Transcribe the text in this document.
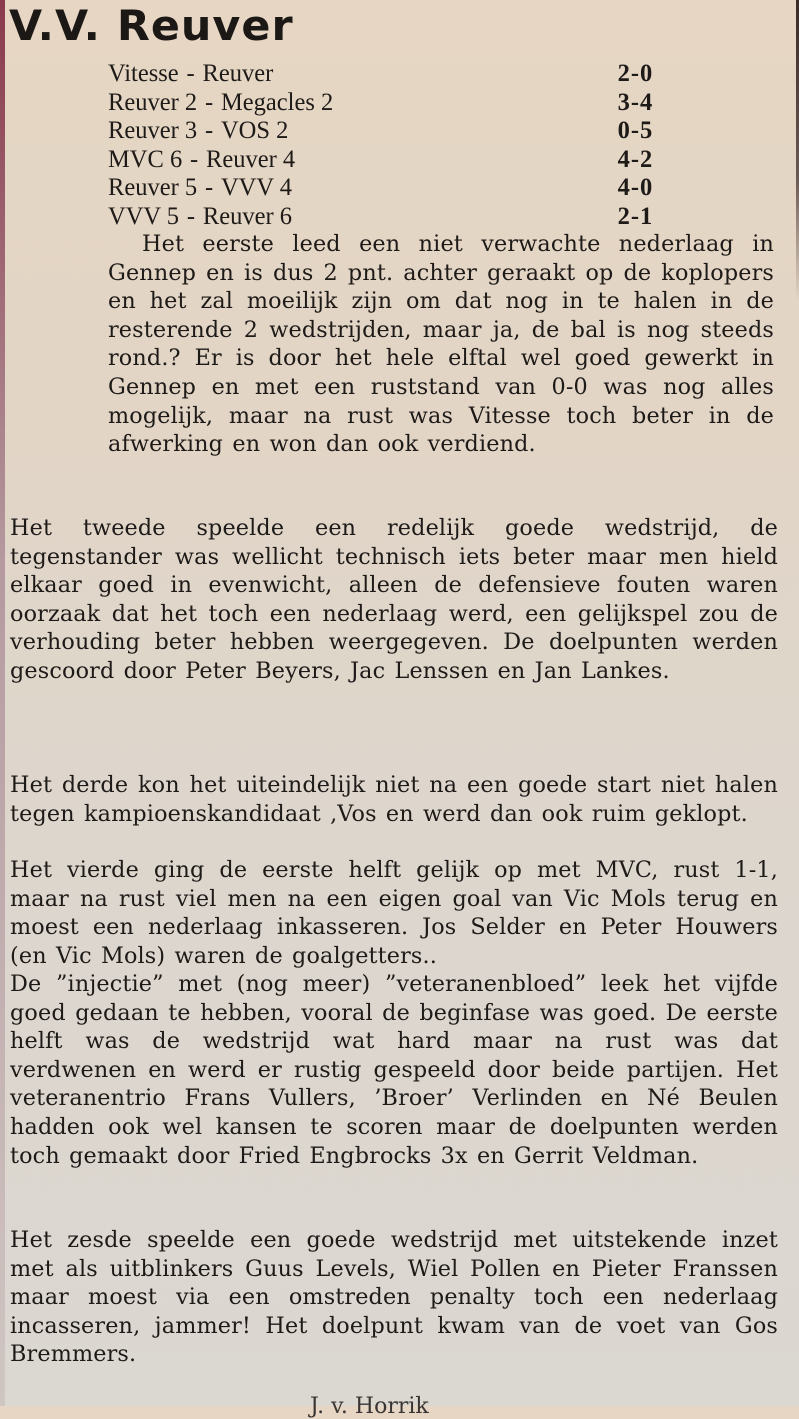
V.V. Reuver
Vitesse - Reuver	2-0
Reuver 2 - Megacles 2	3-4
Reuver 3 - VOS 2	0-5
MVC 6 - Reuver 4	4-2
Reuver 5 - VVV 4	4-0
VVV 5 - Reuver 6	2-1

Het eerste leed een niet verwachte nederlaag in Gennep en is dus 2 pnt. achter geraakt op de koplopers en het zal moeilijk zijn om dat nog in te halen in de resterende 2 wedstrijden, maar ja, de bal is nog steeds rond.? Er is door het hele elftal wel goed gewerkt in Gennep en met een ruststand van 0-0 was nog alles mogelijk, maar na rust was Vitesse toch beter in de afwerking en won dan ook verdiend.

Het tweede speelde een redelijk goede wedstrijd, de tegenstander was wellicht technisch iets beter maar men hield elkaar goed in evenwicht, alleen de defensieve fouten waren oorzaak dat het toch een nederlaag werd, een gelijkspel zou de verhouding beter hebben weergegeven. De doelpunten werden gescoord door Peter Beyers, Jac Lenssen en Jan Lankes.

Het derde kon het uiteindelijk niet na een goede start niet halen tegen kampioenskandidaat ,Vos en werd dan ook ruim geklopt.

Het vierde ging de eerste helft gelijk op met MVC, rust 1-1, maar na rust viel men na een eigen goal van Vic Mols terug en moest een nederlaag inkasseren. Jos Selder en Peter Houwers (en Vic Mols) waren de goalgetters..

De ”injectie” met (nog meer) ”veteranenbloed” leek het vijfde goed gedaan te hebben, vooral de beginfase was goed. De eerste helft was de wedstrijd wat hard maar na rust was dat verdwenen en werd er rustig gespeeld door beide partijen. Het veteranentrio Frans Vullers, ’Broer’ Verlinden en Né Beulen hadden ook wel kansen te scoren maar de doelpunten werden toch gemaakt door Fried Engbrocks 3x en Gerrit Veldman.

Het zesde speelde een goede wedstrijd met uitstekende inzet met als uitblinkers Guus Levels, Wiel Pollen en Pieter Franssen maar moest via een omstreden penalty toch een nederlaag incasseren, jammer! Het doelpunt kwam van de voet van Gos Bremmers.

J. v. Horrik
